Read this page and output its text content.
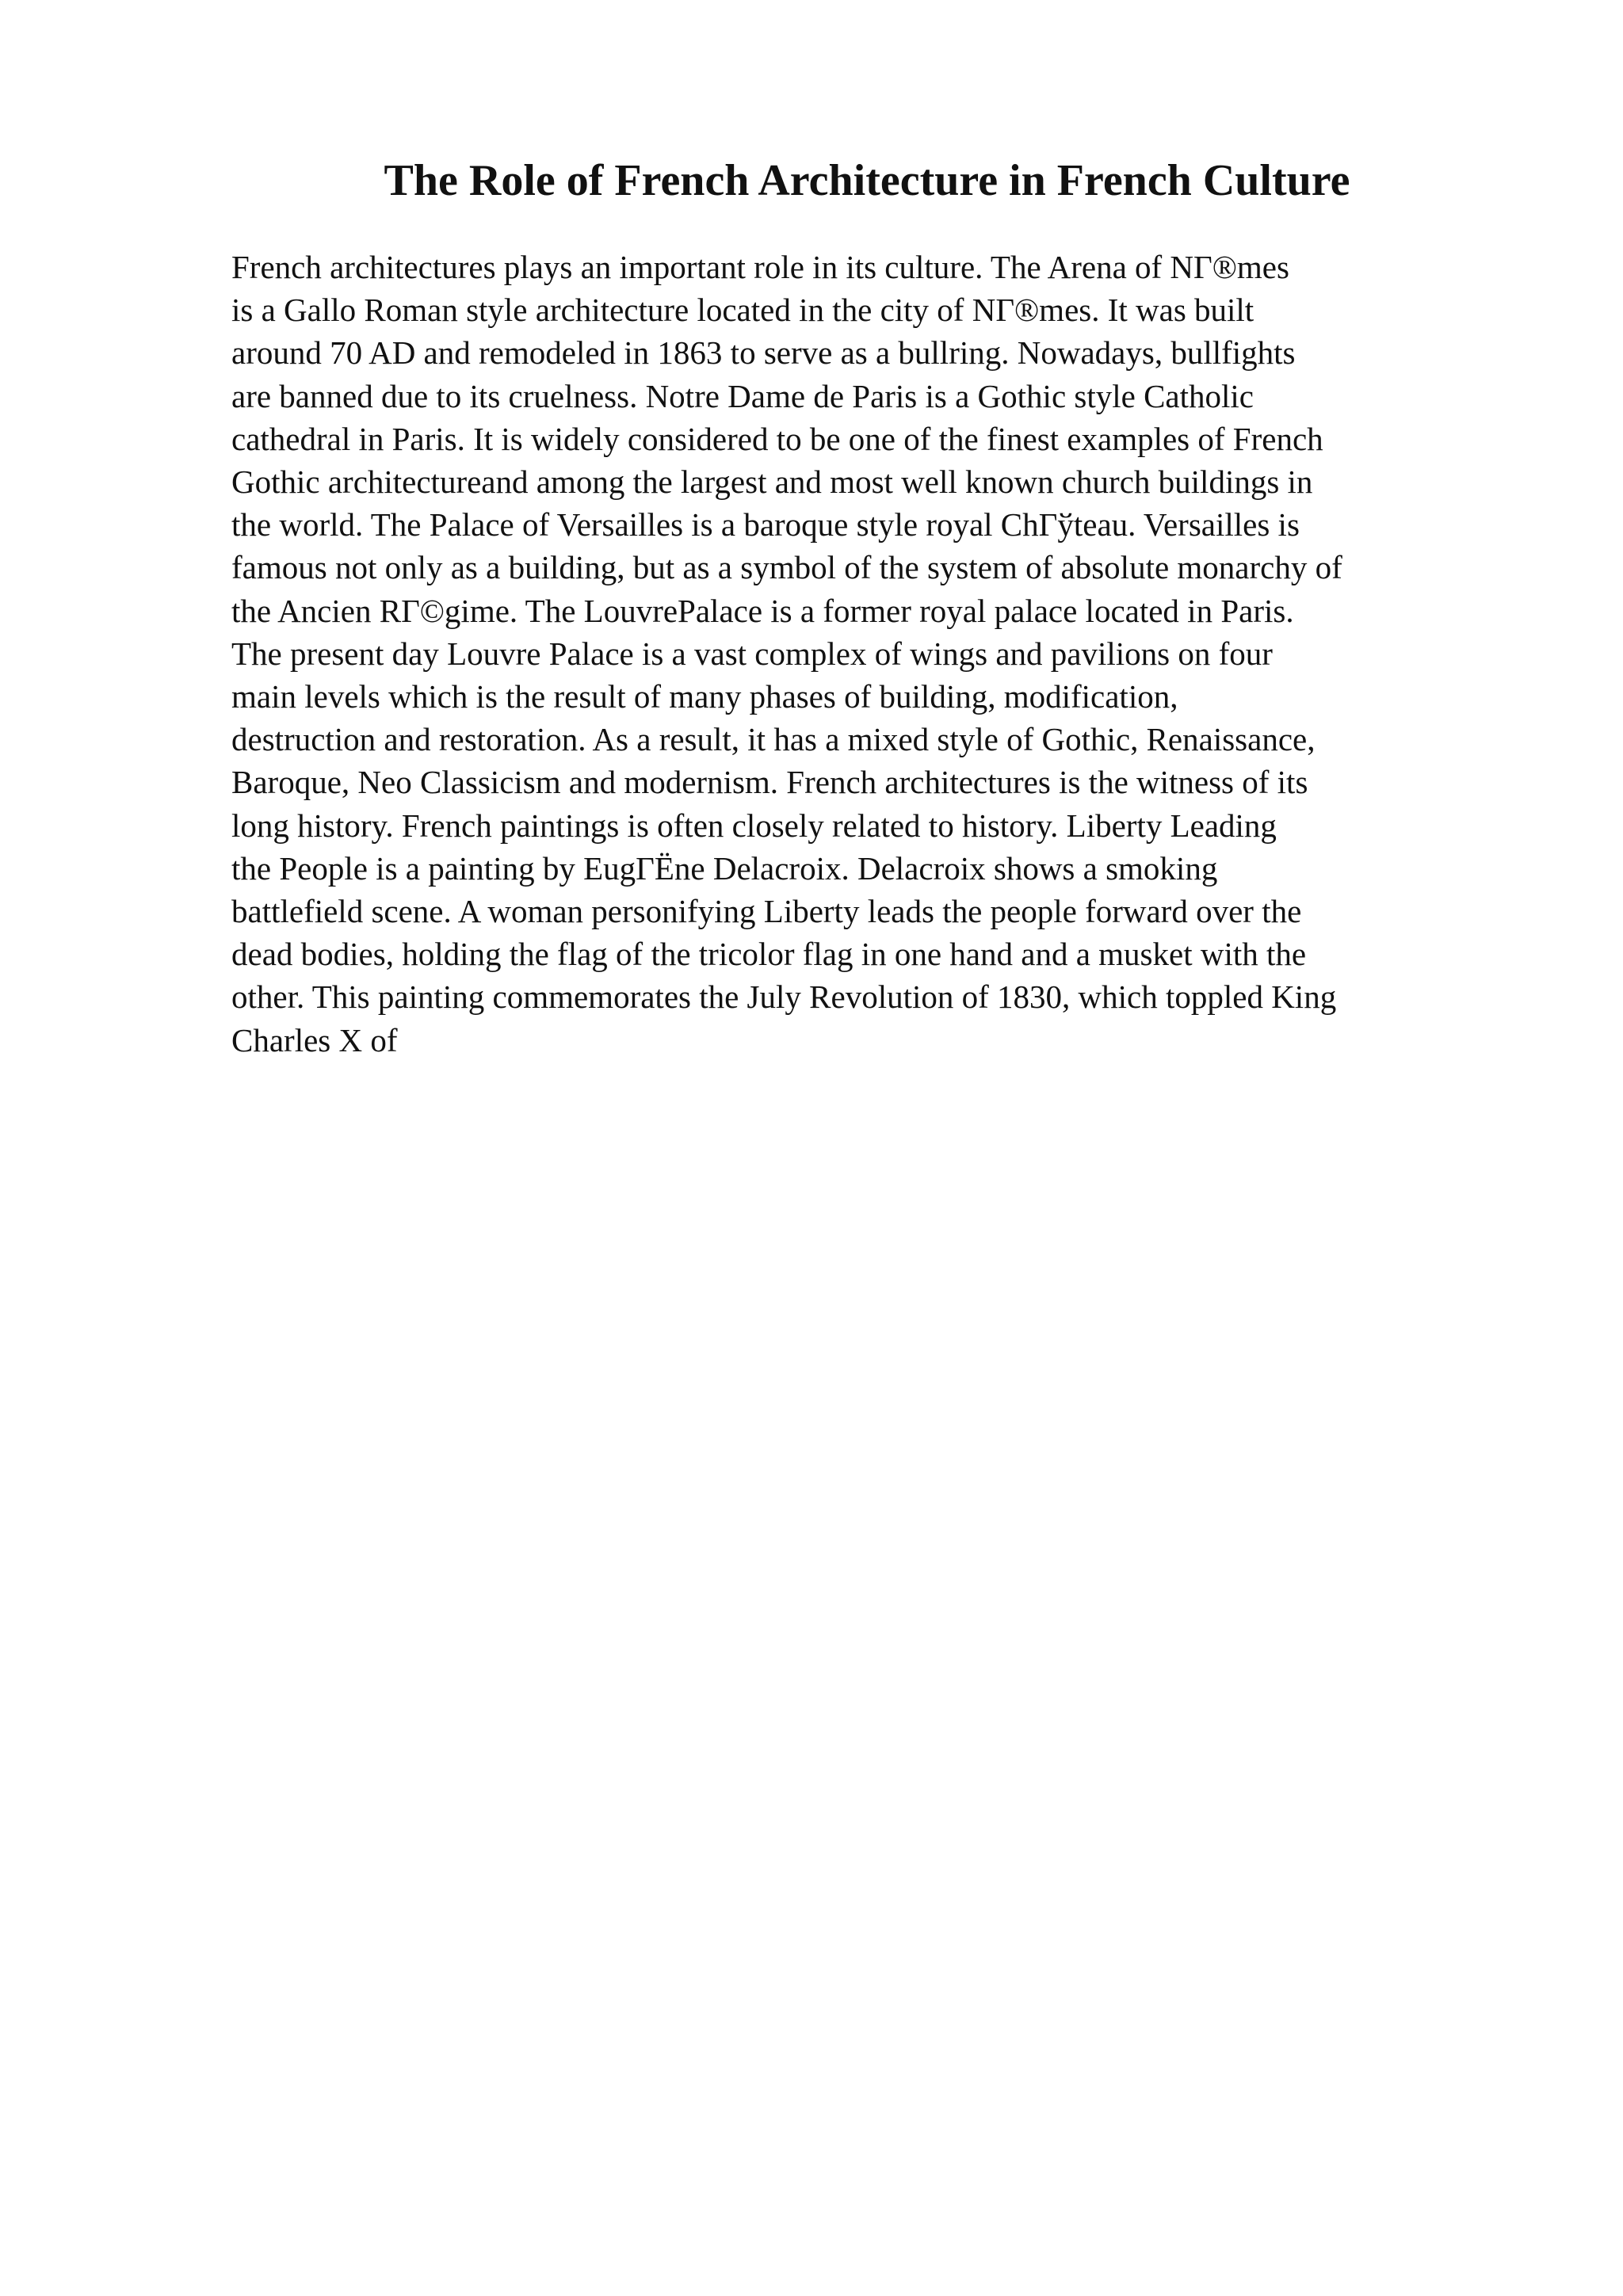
The Role of French Architecture in French Culture
French architectures plays an important role in its culture. The Arena of NΓ®mes
is a Gallo Roman style architecture located in the city of NΓ®mes. It was built
around 70 AD and remodeled in 1863 to serve as a bullring. Nowadays, bullfights
are banned due to its cruelness. Notre Dame de Paris is a Gothic style Catholic
cathedral in Paris. It is widely considered to be one of the finest examples of French
Gothic architectureand among the largest and most well known church buildings in
the world. The Palace of Versailles is a baroque style royal ChΓўteau. Versailles is
famous not only as a building, but as a symbol of the system of absolute monarchy of
the Ancien RΓ©gime. The LouvrePalace is a former royal palace located in Paris.
The present day Louvre Palace is a vast complex of wings and pavilions on four
main levels which is the result of many phases of building, modification,
destruction and restoration. As a result, it has a mixed style of Gothic, Renaissance,
Baroque, Neo Classicism and modernism. French architectures is the witness of its
long history. French paintings is often closely related to history. Liberty Leading
the People is a painting by EugΓËne Delacroix. Delacroix shows a smoking
battlefield scene. A woman personifying Liberty leads the people forward over the
dead bodies, holding the flag of the tricolor flag in one hand and a musket with the
other. This painting commemorates the July Revolution of 1830, which toppled King
Charles X of
